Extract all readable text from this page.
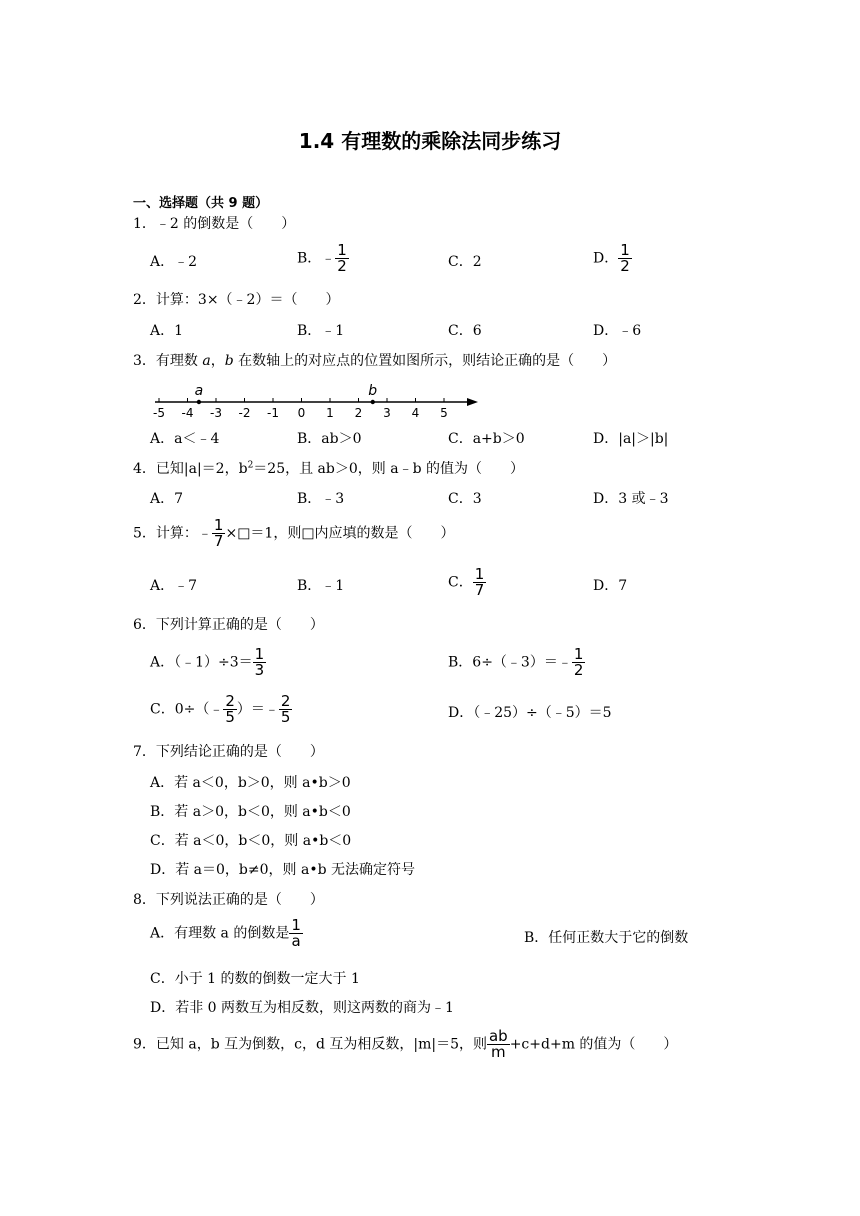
1.4 有理数的乘除法同步练习
一、选择题（共 9 题）
1．﹣2 的倒数是（　　）
A．﹣2	B．﹣ $\frac{1}{2}$	C．2	D． $\frac{1}{2}$
2．计算：3×（﹣2）＝（　　）
A．1	B．﹣1	C．6	D．﹣6
3．有理数 a，b 在数轴上的对应点的位置如图所示，则结论正确的是（　　）
-5 -4 -3 -2 -1 0 1 2 3 4 5
a	b
A．a＜﹣4	B．ab＞0	C．a+b＞0	D．|a|＞|b|
4．已知|a|＝2，$b^2=25$，且 ab＞0，则 a﹣b 的值为（　　）
A．7	B．﹣3	C．3	D．3 或﹣3
5．计算：﹣ $\frac{1}{7}$ ×□＝1，则□内应填的数是（　　）
A．﹣7	B．﹣1	C． $\frac{1}{7}$	D．7
6．下列计算正确的是（　　）
A．（﹣1）÷3＝ $\frac{1}{3}$	B．6÷（﹣3）＝﹣ $\frac{1}{2}$
C．0÷（﹣ $\frac{2}{5}$ ）＝﹣ $\frac{2}{5}$	D．（﹣25）÷（﹣5）＝5
7．下列结论正确的是（　　）
A．若 a＜0，b＞0，则 a•b＞0
B．若 a＞0，b＜0，则 a•b＜0
C．若 a＜0，b＜0，则 a•b＜0
D．若 a＝0，b≠0，则 a•b 无法确定符号
8．下列说法正确的是（　　）
A．有理数 a 的倒数是 $\frac{1}{a}$	B．任何正数大于它的倒数
C．小于 1 的数的倒数一定大于 1
D．若非 0 两数互为相反数，则这两数的商为﹣1
9．已知 a，b 互为倒数，c，d 互为相反数，|m|＝5，则 $\frac{ab}{m} +c+d+m$ 的值为（　　）
